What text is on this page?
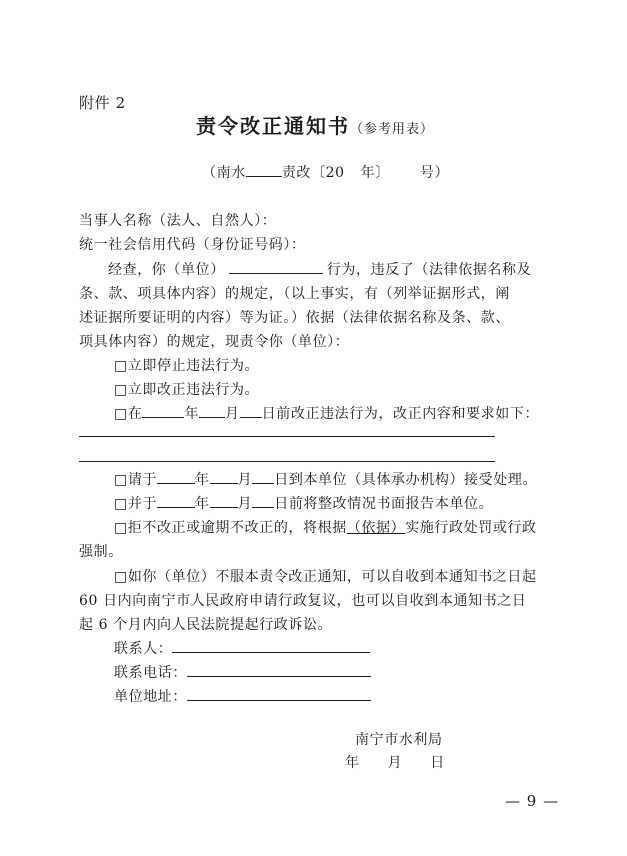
附件 2
责令改正通知书（参考用表）
（南水	责改〔20 年〕 号）
当事人名称（法人、自然人）：
统一社会信用代码（身份证号码）：
经查，你（单位）	行为，违反了（法律依据名称及
条、款、项具体内容）的规定，（以上事实，有（列举证据形式，阐
述证据所要证明的内容）等为证。）依据（法律依据名称及条、款、
项具体内容）的规定，现责令你（单位）：
□立即停止违法行为。
□立即改正违法行为。
□在	年 月 日前改正违法行为，改正内容和要求如下：
□请于	年 月 日到本单位（具体承办机构）接受处理。
□并于	年 月 日前将整改情况书面报告本单位。
□拒不改正或逾期不改正的，将根据（依据）实施行政处罚或行政
强制。
□如你（单位）不服本责令改正通知，可以自收到本通知书之日起
60 日内向南宁市人民政府申请行政复议，也可以自收到本通知书之日
起 6 个月内向人民法院提起行政诉讼。
联系人：
联系电话：
单位地址：
南宁市水利局
年 月 日
— 9 —
